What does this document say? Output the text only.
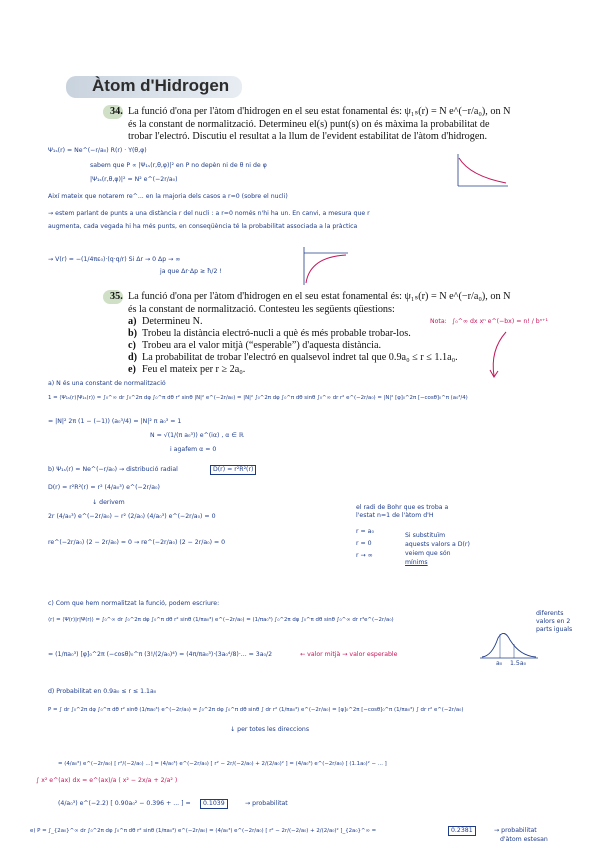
Àtom d'Hidrogen
34. La funció d'ona per l'àtom d'hidrogen en el seu estat fonamental és: ψ₁ₛ(r) = N e^(−r/a₀), on N
és la constant de normalització. Determineu el(s) punt(s) on és màxima la probabilitat de
trobar l'electró. Discutiu el resultat a la llum de l'evident estabilitat de l'àtom d'hidrogen.
Ψ₁ₛ(r) = Ne^(−r/a₀) R(r) · Y(θ,φ)
sabem que P ∝ |Ψ₁ₛ(r,θ,φ)|² en P no depèn ni de θ ni de φ
|Ψ₁ₛ(r,θ,φ)|² = N² e^(−2r/a₀)
Així mateix que notarem re^... en la majoria dels casos a r=0 (sobre el nucli)
→ estem parlant de punts a una distància r del nucli : a r=0 només n'hi ha un. En canvi, a mesura que r
augmenta, cada vegada hi ha més punts, en conseqüència té la probabilitat associada a la pràctica
→ V(r) = −(1/4πε₀)·(q·q/r) Si Δr → 0 Δp → ∞
ja que Δr·Δp ≥ ħ/2 !
35. La funció d'ona per l'àtom d'hidrogen en el seu estat fonamental és: ψ₁ₛ(r) = N e^(−r/a₀), on N
és la constant de normalització. Contesteu les següents qüestions:
a) Determineu N.
b) Trobeu la distància electró-nucli a què és més probable trobar-los.
c) Trobeu ara el valor mitjà (“esperable”) d'aquesta distància.
d) La probabilitat de trobar l'electró en qualsevol indret tal que 0.9a₀ ≤ r ≤ 1.1a₀.
e) Feu el mateix per r ≥ 2a₀.
Nota: ∫₀^∞ dx xⁿ e^(−bx) = n! / bⁿ⁺¹
a) N és una constant de normalització
1 = ⟨Ψ₁ₛ(r)|Ψ₁ₛ(r)⟩ = ∫₀^∞ dr ∫₀^2π dφ ∫₀^π dθ r² sinθ |N|² e^(−2r/a₀) = |N|² ∫₀^2π dφ ∫₀^π dθ sinθ ∫₀^∞ dr r² e^(−2r/a₀) = |N|² [φ]₀^2π [−cosθ]₀^π (a₀³/4)
= |N|² 2π (1 − (−1)) (a₀³/4) = |N|² π a₀³ = 1
N = √(1/(π a₀³)) e^(iα) , α ∈ ℝ
i agafem α = 0
b) Ψ₁ₛ(r) = Ne^(−r/a₀) → distribució radial	D(r) = r²R²(r)
D(r) = r²R²(r) = r² (4/a₀³) e^(−2r/a₀)
↓ derivem
2r (4/a₀³) e^(−2r/a₀) − r² (2/a₀) (4/a₀³) e^(−2r/a₀) = 0
re^(−2r/a₀) (2 − 2r/a₀) = 0 → re^(−2r/a₀) (2 − 2r/a₀) = 0
r = a₀
r = 0
r → ∞
el radi de Bohr que es troba a
l'estat n=1 de l'àtom d'H
Si substituïm
aquests valors a D(r)
veiem que són
mínims
c) Com que hem normalitzat la funció, podem escriure:
⟨r⟩ = ⟨Ψ(r)|r|Ψ(r)⟩ = ∫₀^∞ dr ∫₀^2π dφ ∫₀^π dθ r² sinθ (1/πa₀³) e^(−2r/a₀) = (1/πa₀³) ∫₀^2π dφ ∫₀^π dθ sinθ ∫₀^∞ dr r³e^(−2r/a₀)
= (1/πa₀³) [φ]₀^2π (−cosθ)₀^π (3!/(2/a₀)⁴) = (4π/πa₀³)·(3a₀⁴/8)·... = 3a₀/2	← valor mitjà → valor esperable
diferents
valors en 2
parts iguals
a₀ 1.5a₀
d) Probabilitat en 0.9a₀ ≤ r ≤ 1.1a₀
P = ∫ dr ∫₀^2π dφ ∫₀^π dθ r² sinθ (1/πa₀³) e^(−2r/a₀) = ∫₀^2π dφ ∫₀^π dθ sinθ ∫ dr r² (1/πa₀³) e^(−2r/a₀) = [φ]₀^2π [−cosθ]₀^π (1/πa₀³) ∫ dr r² e^(−2r/a₀)
↓ per totes les direccions
= (4/a₀³) e^(−2r/a₀) [ r²/(−2/a₀) ...] = (4/a₀³) e^(−2r/a₀) [ r² − 2r/(−2/a₀) + 2/(2/a₀)² ] = (4/a₀³) e^(−2r/a₀) [ (1.1a₀)² − ... ]
∫ x² e^(ax) dx = e^(ax)/a ( x² − 2x/a + 2/a² )
(4/a₀³) e^(−2.2) [ 0.90a₀² − 0.396 + ... ] =	0.1039	→ probabilitat
e) P = ∫_{2a₀}^∞ dr ∫₀^2π dφ ∫₀^π dθ r² sinθ (1/πa₀³) e^(−2r/a₀) = (4/a₀³) e^(−2r/a₀) [ r² − 2r/(−2/a₀) + 2/(2/a₀)² ]_{2a₀}^∞ =	0.2381	→ probabilitat
d'àtom estesan
